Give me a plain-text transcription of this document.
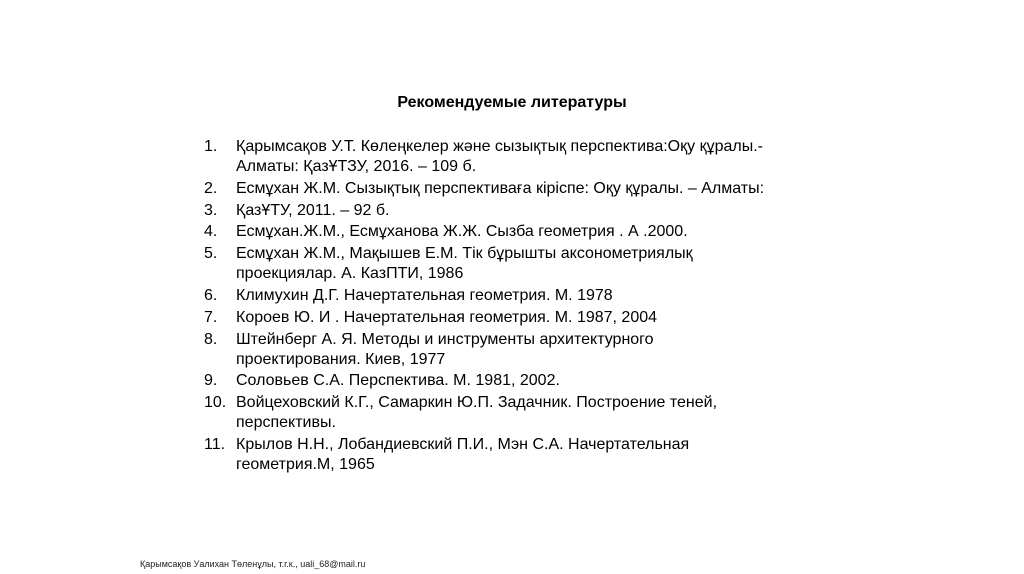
Рекомендуемые литературы
1.	Қарымсақов У.Т. Көлеңкелер және сызықтық перспектива:Оқу құралы.-
Алматы: ҚазҰТЗУ, 2016. – 109 б.
2.	Есмұхан Ж.М. Сызықтық перспективаға кіріспе: Оқу құралы. – Алматы:
3.	ҚазҰТУ, 2011. – 92 б.
4.	Есмұхан.Ж.М., Есмұханова Ж.Ж. Сызба геометрия . А .2000.
5.	Есмұхан Ж.М., Мақышев Е.М. Тік бұрышты аксонометриялық
проекциялар. А. КазПТИ, 1986
6.	Климухин Д.Г. Начертательная геометрия. М. 1978
7.	Короев Ю. И . Начертательная геометрия. М. 1987, 2004
8.	Штейнберг А. Я. Методы и инструменты архитектурного
проектирования. Киев, 1977
9.	Соловьев С.А. Перспектива. М. 1981, 2002.
10. Войцеховский К.Г., Самаркин Ю.П. Задачник. Построение теней,
перспективы.
11. Крылов Н.Н., Лобандиевский П.И., Мэн С.А. Начертательная
геометрия.М, 1965
Қарымсақов Уалихан Төленұлы, т.г.к., uali_68@mail.ru
